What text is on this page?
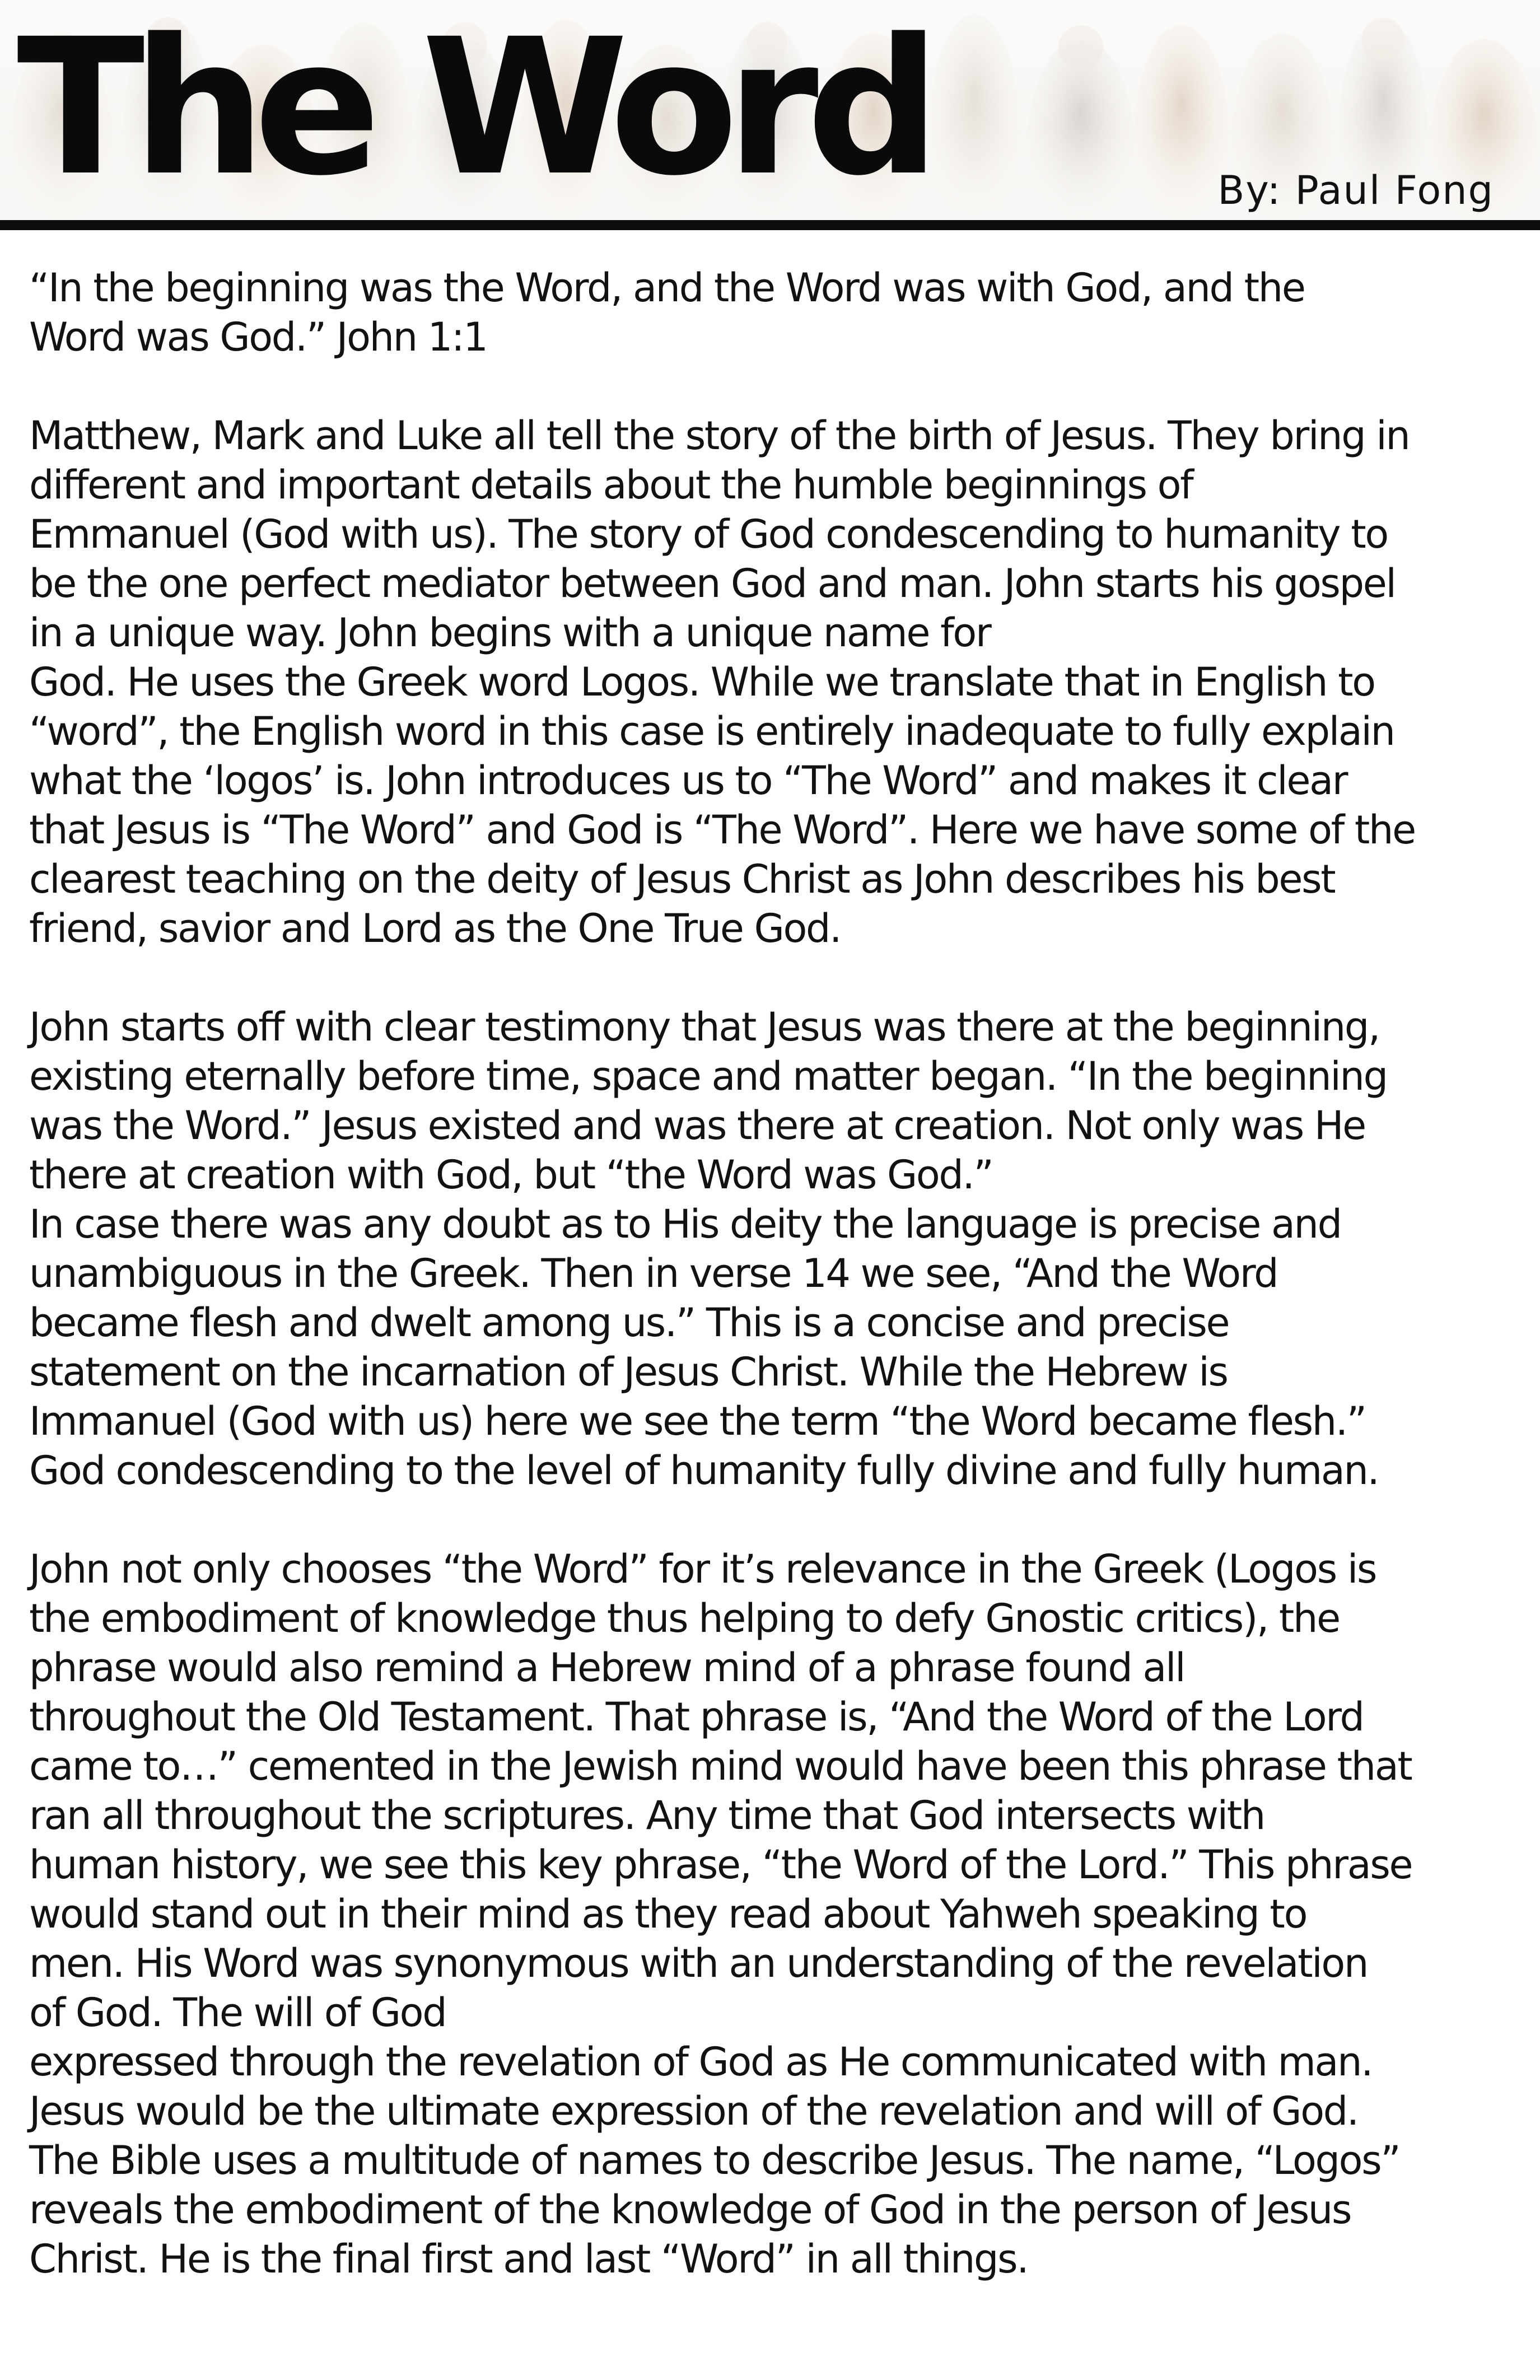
The Word	By: Paul Fong

“In the beginning was the Word, and the Word was with God, and the
Word was God.” John 1:1

Matthew, Mark and Luke all tell the story of the birth of Jesus. They bring in
different and important details about the humble beginnings of
Emmanuel (God with us). The story of God condescending to humanity to
be the one perfect mediator between God and man. John starts his gospel
in a unique way. John begins with a unique name for
God. He uses the Greek word Logos. While we translate that in English to
“word”, the English word in this case is entirely inadequate to fully explain
what the ‘logos’ is. John introduces us to “The Word” and makes it clear
that Jesus is “The Word” and God is “The Word”. Here we have some of the
clearest teaching on the deity of Jesus Christ as John describes his best
friend, savior and Lord as the One True God.

John starts off with clear testimony that Jesus was there at the beginning,
existing eternally before time, space and matter began. “In the beginning
was the Word.” Jesus existed and was there at creation. Not only was He
there at creation with God, but “the Word was God.”
In case there was any doubt as to His deity the language is precise and
unambiguous in the Greek. Then in verse 14 we see, “And the Word
became flesh and dwelt among us.” This is a concise and precise
statement on the incarnation of Jesus Christ. While the Hebrew is
Immanuel (God with us) here we see the term “the Word became flesh.”
God condescending to the level of humanity fully divine and fully human.

John not only chooses “the Word” for it’s relevance in the Greek (Logos is
the embodiment of knowledge thus helping to defy Gnostic critics), the
phrase would also remind a Hebrew mind of a phrase found all
throughout the Old Testament. That phrase is, “And the Word of the Lord
came to…” cemented in the Jewish mind would have been this phrase that
ran all throughout the scriptures. Any time that God intersects with
human history, we see this key phrase, “the Word of the Lord.” This phrase
would stand out in their mind as they read about Yahweh speaking to
men. His Word was synonymous with an understanding of the revelation
of God. The will of God
expressed through the revelation of God as He communicated with man.
Jesus would be the ultimate expression of the revelation and will of God.
The Bible uses a multitude of names to describe Jesus. The name, “Logos”
reveals the embodiment of the knowledge of God in the person of Jesus
Christ. He is the final first and last “Word” in all things.
